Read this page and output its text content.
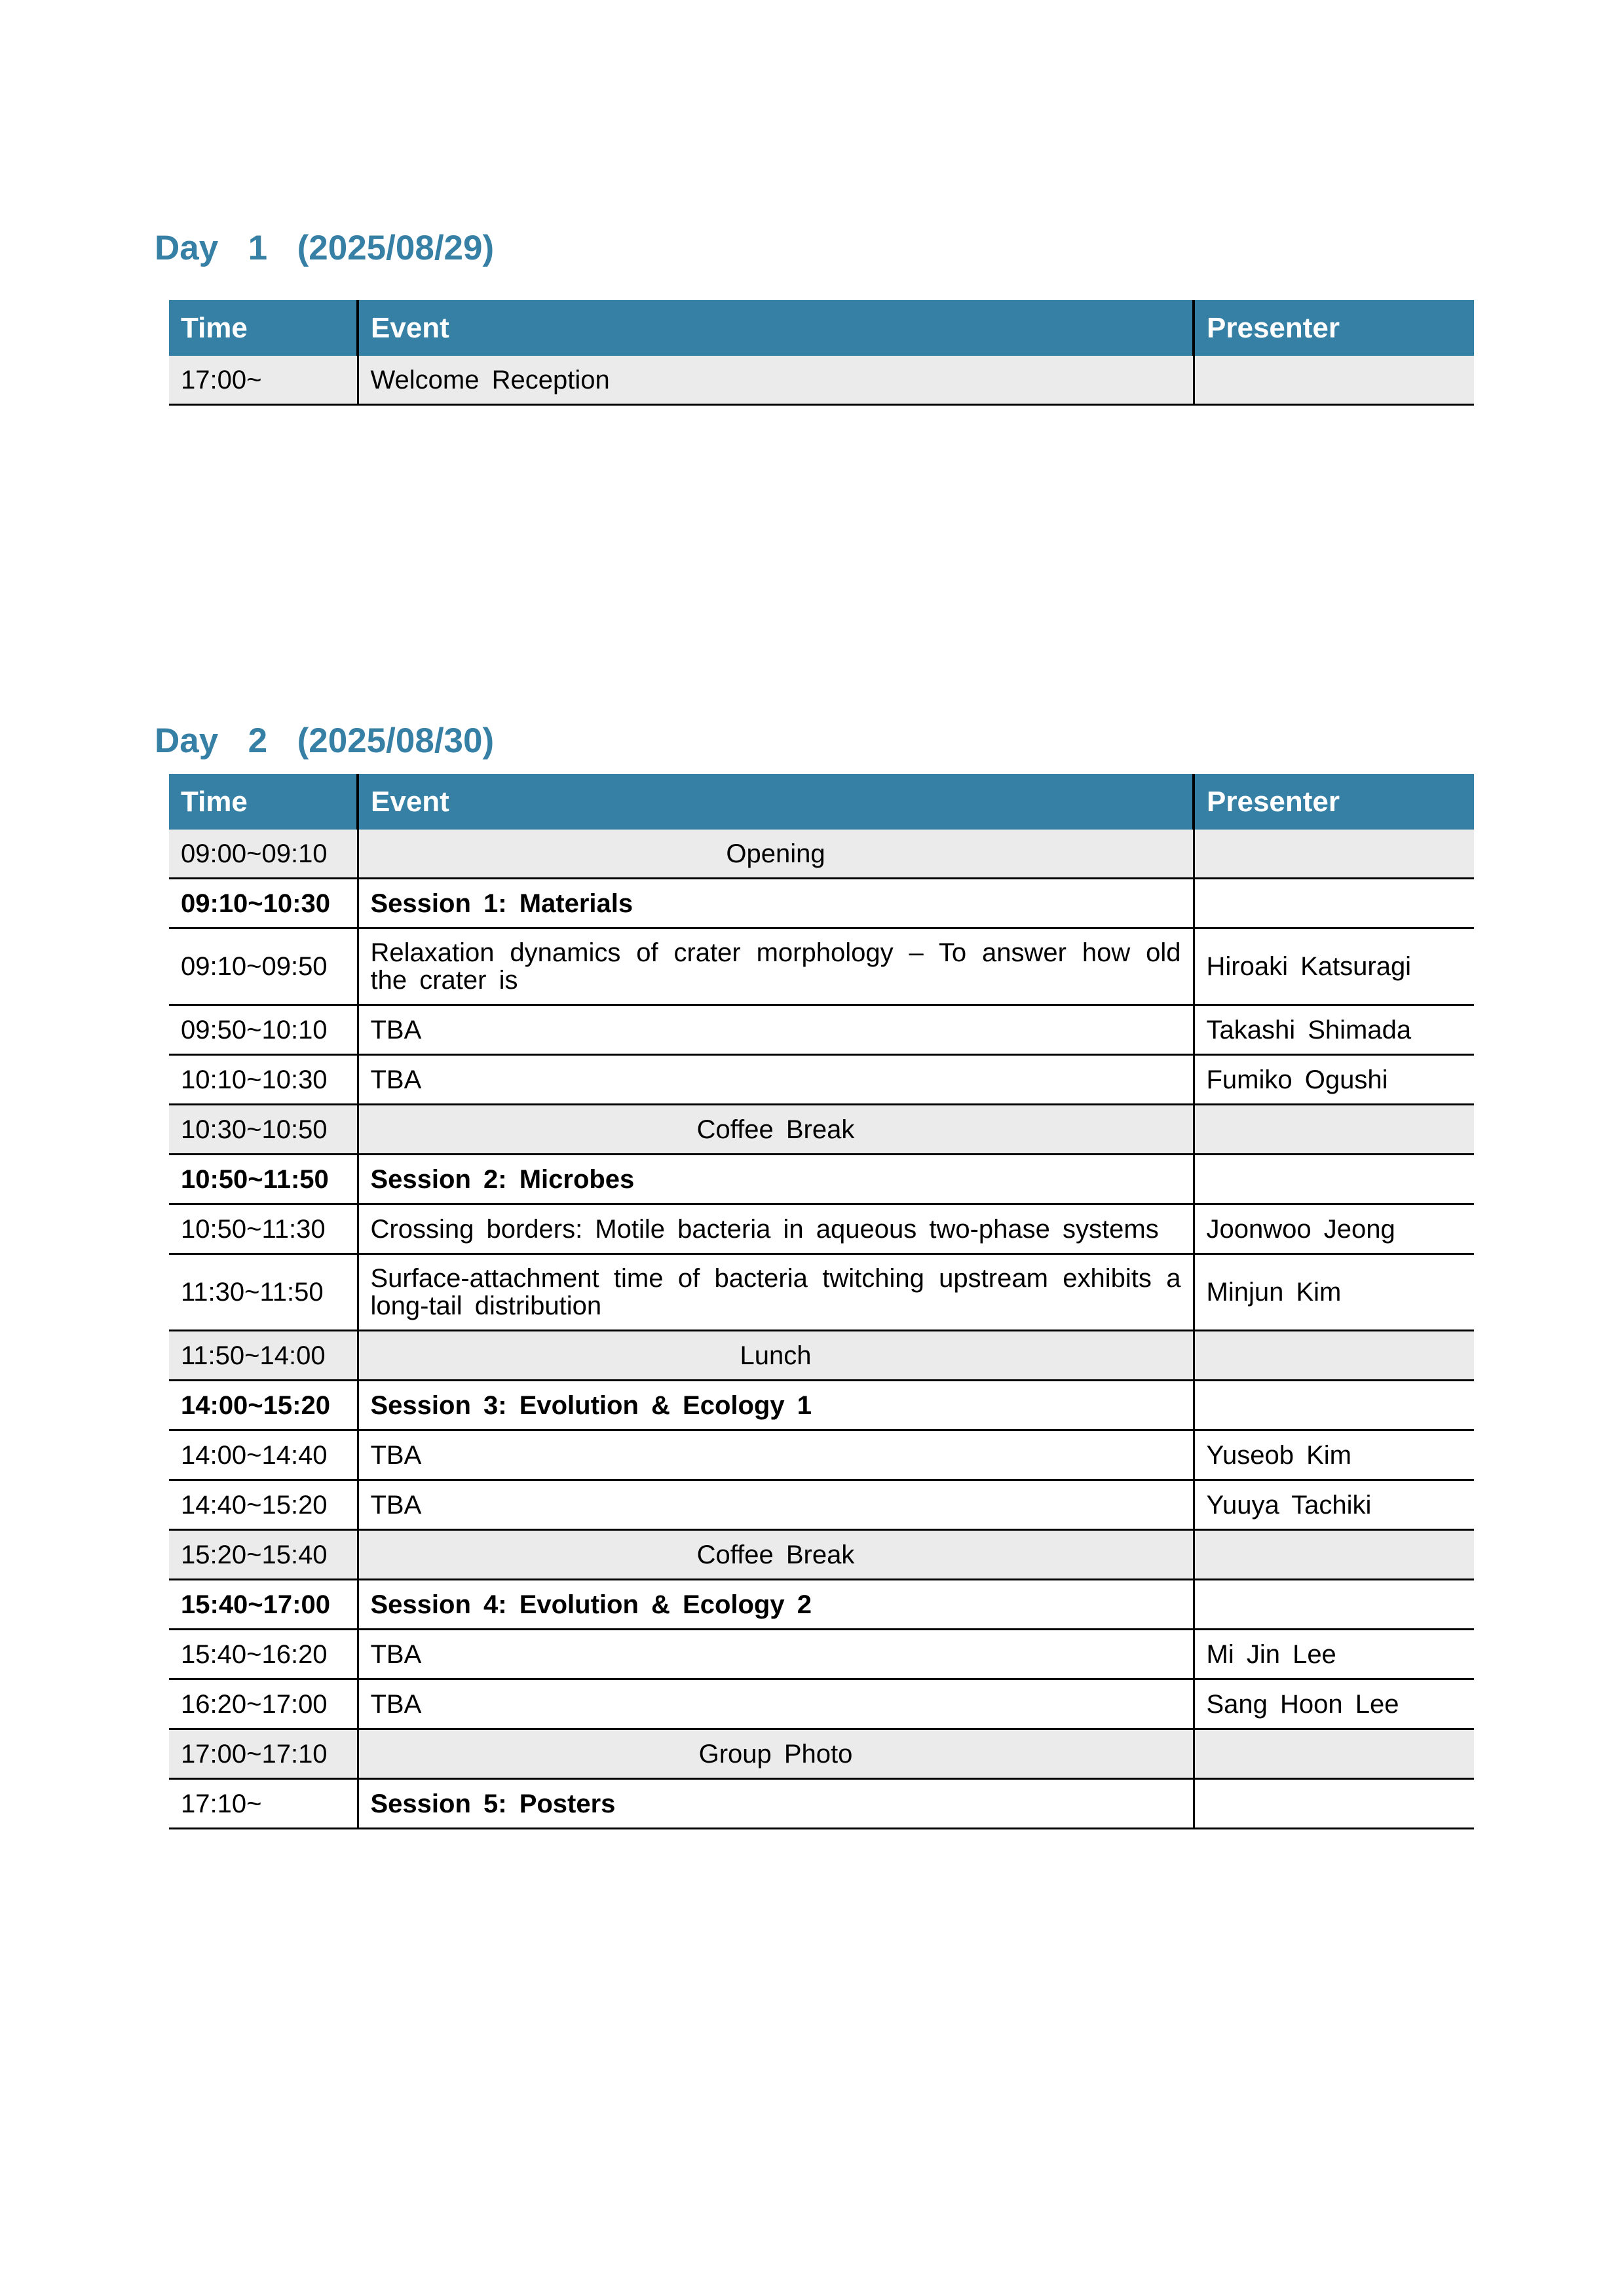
Day  1  (2025/08/29)
Time	Event	Presenter
17:00~	Welcome Reception	
Day  2  (2025/08/30)
Time	Event	Presenter
09:00~09:10	Opening	
09:10~10:30	Session 1: Materials	
09:10~09:50	Relaxation dynamics of crater morphology – To answer how old the crater is	Hiroaki Katsuragi
09:50~10:10	TBA	Takashi Shimada
10:10~10:30	TBA	Fumiko Ogushi
10:30~10:50	Coffee Break	
10:50~11:50	Session 2: Microbes	
10:50~11:30	Crossing borders: Motile bacteria in aqueous two-phase systems	Joonwoo Jeong
11:30~11:50	Surface-attachment time of bacteria twitching upstream exhibits a long-tail distribution	Minjun Kim
11:50~14:00	Lunch	
14:00~15:20	Session 3: Evolution & Ecology 1	
14:00~14:40	TBA	Yuseob Kim
14:40~15:20	TBA	Yuuya Tachiki
15:20~15:40	Coffee Break	
15:40~17:00	Session 4: Evolution & Ecology 2	
15:40~16:20	TBA	Mi Jin Lee
16:20~17:00	TBA	Sang Hoon Lee
17:00~17:10	Group Photo	
17:10~	Session 5: Posters	
